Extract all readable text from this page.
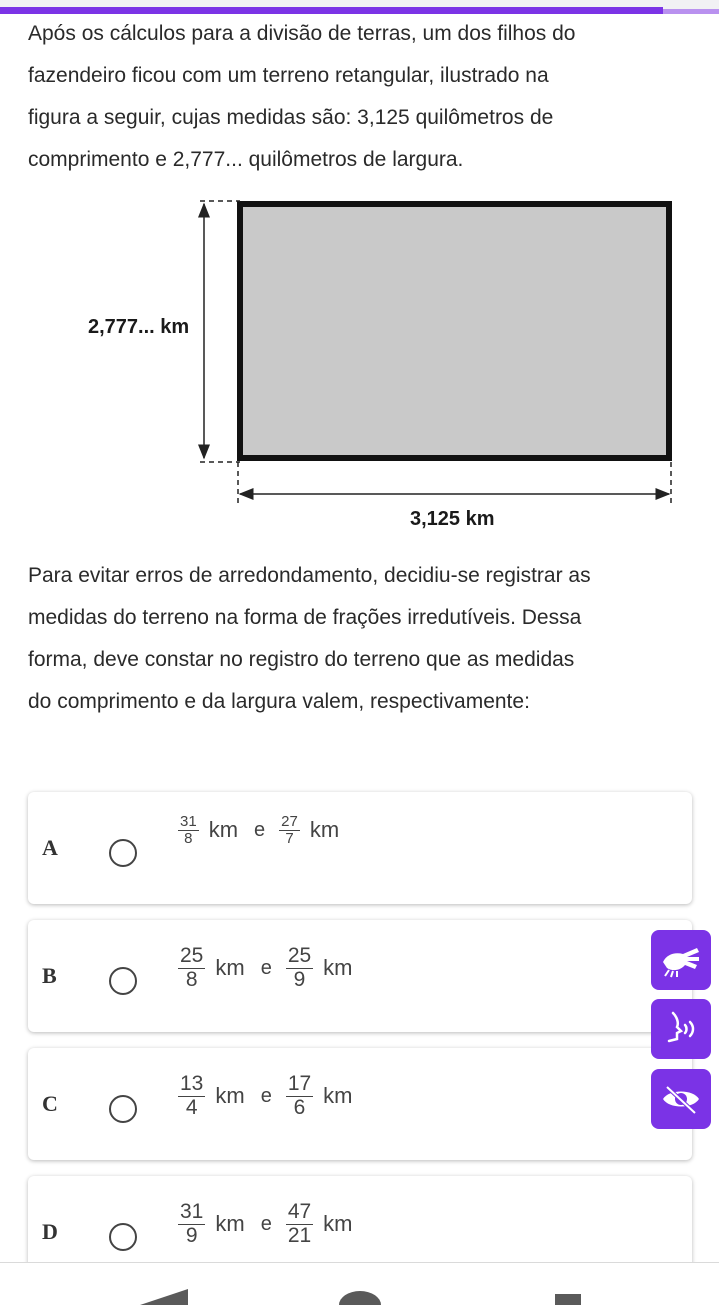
Após os cálculos para a divisão de terras, um dos filhos do
fazendeiro ficou com um terreno retangular, ilustrado na
figura a seguir, cujas medidas são: 3,125 quilômetros de
comprimento e 2,777... quilômetros de largura.
2,777... km
3,125 km
Para evitar erros de arredondamento, decidiu-se registrar as
medidas do terreno na forma de frações irredutíveis. Dessa
forma, deve constar no registro do terreno que as medidas
do comprimento e da largura valem, respectivamente:
A
$\frac{31}{8}$ km e $\frac{27}{7}$ km
B	$\frac{25}{8}$ km e $\frac{25}{9}$ km
C	$\frac{13}{4}$ km e $\frac{17}{6}$ km
D	$\frac{31}{9}$ km e $\frac{47}{21}$ km
